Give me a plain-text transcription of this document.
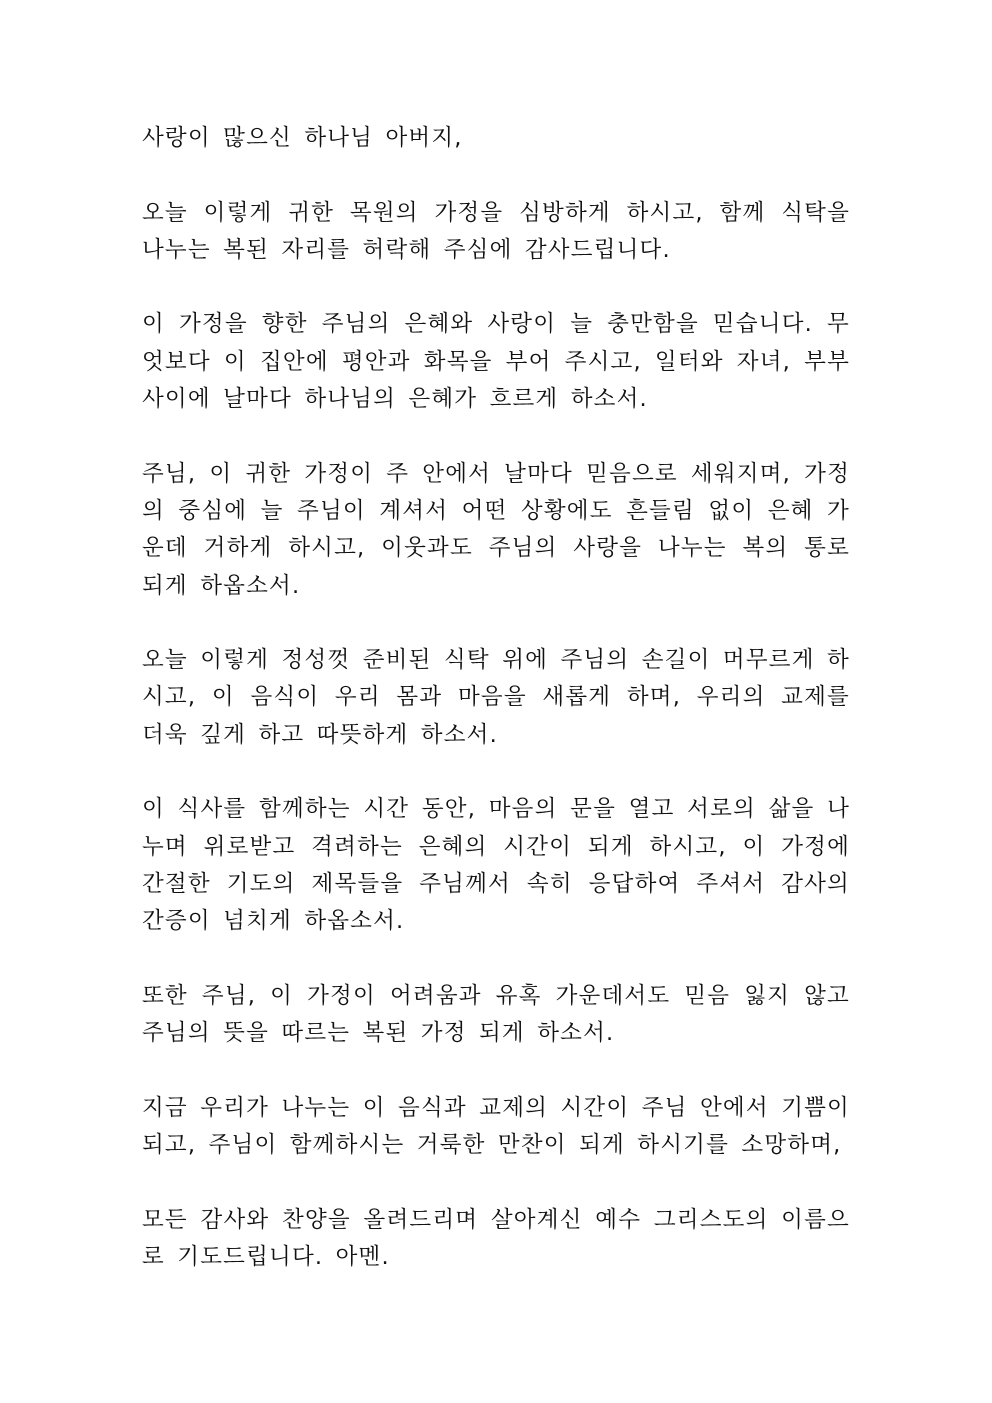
사랑이 많으신 하나님 아버지,

오늘 이렇게 귀한 목원의 가정을 심방하게 하시고, 함께 식탁을 나누는 복된 자리를 허락해 주심에 감사드립니다.

이 가정을 향한 주님의 은혜와 사랑이 늘 충만함을 믿습니다. 무엇보다 이 집안에 평안과 화목을 부어 주시고, 일터와 자녀, 부부 사이에 날마다 하나님의 은혜가 흐르게 하소서.

주님, 이 귀한 가정이 주 안에서 날마다 믿음으로 세워지며, 가정의 중심에 늘 주님이 계셔서 어떤 상황에도 흔들림 없이 은혜 가운데 거하게 하시고, 이웃과도 주님의 사랑을 나누는 복의 통로 되게 하옵소서.

오늘 이렇게 정성껏 준비된 식탁 위에 주님의 손길이 머무르게 하시고, 이 음식이 우리 몸과 마음을 새롭게 하며, 우리의 교제를 더욱 깊게 하고 따뜻하게 하소서.

이 식사를 함께하는 시간 동안, 마음의 문을 열고 서로의 삶을 나누며 위로받고 격려하는 은혜의 시간이 되게 하시고, 이 가정에 간절한 기도의 제목들을 주님께서 속히 응답하여 주셔서 감사의 간증이 넘치게 하옵소서.

또한 주님, 이 가정이 어려움과 유혹 가운데서도 믿음 잃지 않고 주님의 뜻을 따르는 복된 가정 되게 하소서.

지금 우리가 나누는 이 음식과 교제의 시간이 주님 안에서 기쁨이 되고, 주님이 함께하시는 거룩한 만찬이 되게 하시기를 소망하며,

모든 감사와 찬양을 올려드리며 살아계신 예수 그리스도의 이름으로 기도드립니다. 아멘.
